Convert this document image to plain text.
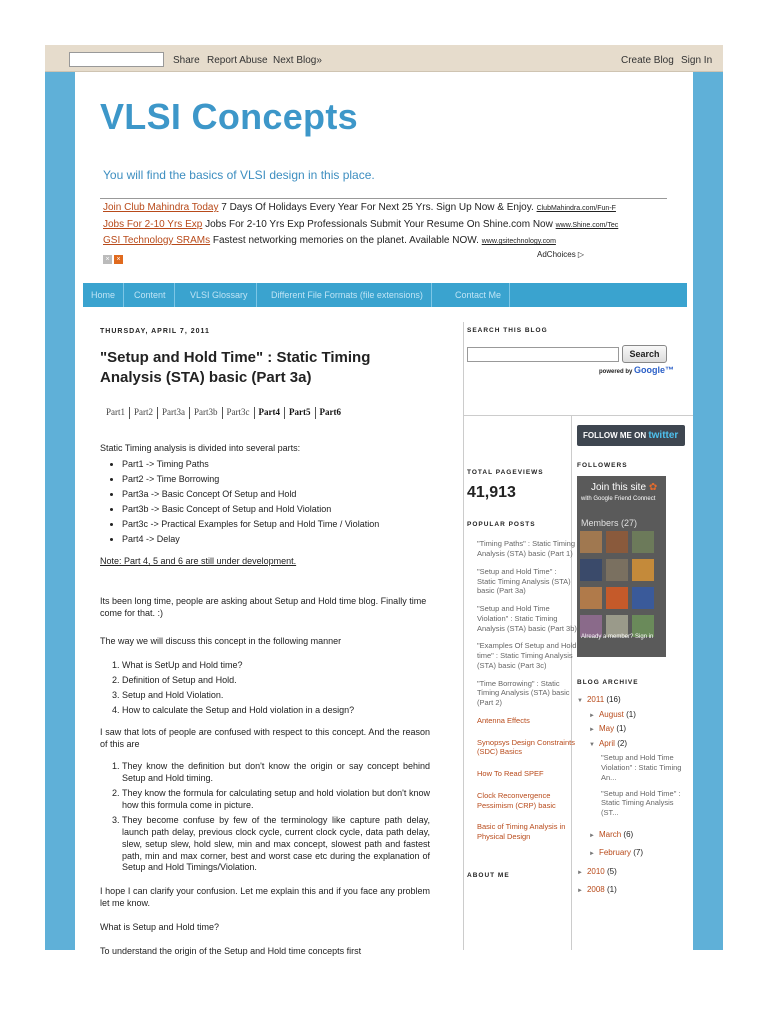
Share Report Abuse Next Blog»	Create Blog Sign In
VLSI Concepts
You will find the basics of VLSI design in this place.
Join Club Mahindra Today 7 Days Of Holidays Every Year For Next 25 Yrs. Sign Up Now & Enjoy. ClubMahindra.com/Fun-F
Jobs For 2-10 Yrs Exp Jobs For 2-10 Yrs Exp Professionals Submit Your Resume On Shine.com Now www.Shine.com/Tec
GSI Technology SRAMs Fastest networking memories on the planet. Available NOW. www.gsitechnology.com
× ×
AdChoices ▷
Home	Content	VLSI Glossary	Different File Formats (file extensions)	Contact Me
THURSDAY, APRIL 7, 2011
"Setup and Hold Time" : Static Timing Analysis (STA) basic (Part 3a)
Part1 Part2 Part3a Part3b Part3c Part4 Part5 Part6
Static Timing analysis is divided into several parts:
• Part1 -> Timing Paths
• Part2 -> Time Borrowing
• Part3a -> Basic Concept Of Setup and Hold
• Part3b -> Basic Concept of Setup and Hold Violation
• Part3c -> Practical Examples for Setup and Hold Time / Violation
• Part4 -> Delay
Note: Part 4, 5 and 6 are still under development.
Its been long time, people are asking about Setup and Hold time blog. Finally time come for that. :)
The way we will discuss this concept in the following manner
1. What is SetUp and Hold time?
2. Definition of Setup and Hold.
3. Setup and Hold Violation.
4. How to calculate the Setup and Hold violation in a design?
I saw that lots of people are confused with respect to this concept. And the reason of this are
1. They know the definition but don't know the origin or say concept behind Setup and Hold timing.
2. They know the formula for calculating setup and hold violation but don't know how this formula come in picture.
3. They become confuse by few of the terminology like capture path delay, launch path delay, previous clock cycle, current clock cycle, data path delay, slew, setup slew, hold slew, min and max concept, slowest path and fastest path, min and max corner, best and worst case etc during the explanation of Setup and Hold Timings/Violation.
I hope I can clarify your confusion. Let me explain this and if you face any problem let me know.
What is Setup and Hold time?
To understand the origin of the Setup and Hold time concepts first
SEARCH THIS BLOG
Search
powered by Google™
TOTAL PAGEVIEWS
41,913
POPULAR POSTS
"Timing Paths" : Static Timing Analysis (STA) basic (Part 1)
"Setup and Hold Time" : Static Timing Analysis (STA) basic (Part 3a)
"Setup and Hold Time Violation" : Static Timing Analysis (STA) basic (Part 3b)
"Examples Of Setup and Hold time" : Static Timing Analysis (STA) basic (Part 3c)
"Time Borrowing" : Static Timing Analysis (STA) basic (Part 2)
Antenna Effects
Synopsys Design Constraints (SDC) Basics
How To Read SPEF
Clock Reconvergence Pessimism (CRP) basic
Basic of Timing Analysis in Physical Design
ABOUT ME
FOLLOW ME ON twitter
FOLLOWERS
Join this site ✿
with Google Friend Connect
Members (27)

Already a member? Sign in
BLOG ARCHIVE
▼ 2011 (16)
► August (1)
► May (1)
▼ April (2)
"Setup and Hold Time Violation" : Static Timing An...
"Setup and Hold Time" : Static Timing Analysis (ST...
► March (6)
► February (7)
► 2010 (5)
► 2008 (1)
